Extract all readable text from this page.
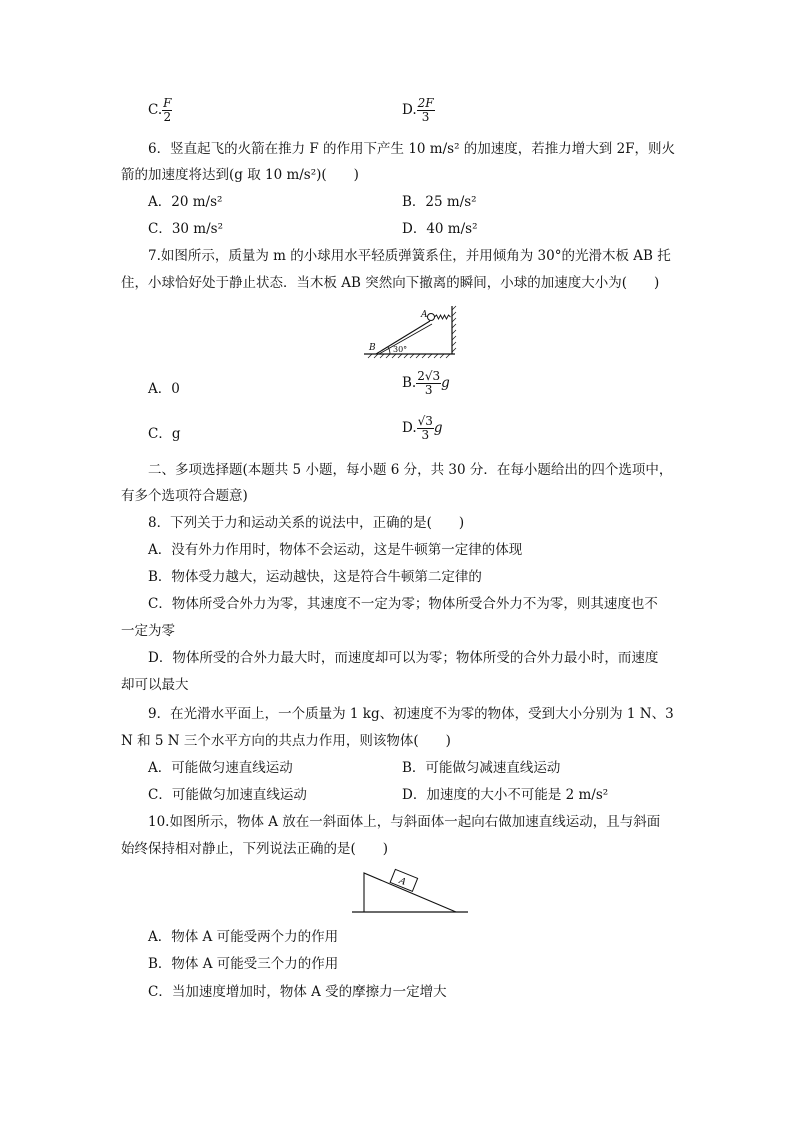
C. $\frac{F}{2}$	D. $\frac{2F}{3}$
6．竖直起飞的火箭在推力 F 的作用下产生 10 m/s² 的加速度，若推力增大到 2F，则火
箭的加速度将达到(g 取 10 m/s²)(　　)
A．20 m/s²	B．25 m/s²
C．30 m/s²	D．40 m/s²
7.如图所示，质量为 m 的小球用水平轻质弹簧系住，并用倾角为 30°的光滑木板 AB 托
住，小球恰好处于静止状态．当木板 AB 突然向下撤离的瞬间，小球的加速度大小为(　　)
30°
B
A
A．0	B. $\frac{2√3}{3}$ g
C．g	D. $\frac{√3}{3}$ g
二、多项选择题(本题共 5 小题，每小题 6 分，共 30 分．在每小题给出的四个选项中，
有多个选项符合题意)
8．下列关于力和运动关系的说法中，正确的是(　　)
A．没有外力作用时，物体不会运动，这是牛顿第一定律的体现
B．物体受力越大，运动越快，这是符合牛顿第二定律的
C．物体所受合外力为零，其速度不一定为零；物体所受合外力不为零，则其速度也不
一定为零
D．物体所受的合外力最大时，而速度却可以为零；物体所受的合外力最小时，而速度
却可以最大
9．在光滑水平面上，一个质量为 1 kg、初速度不为零的物体，受到大小分别为 1 N、3
N 和 5 N 三个水平方向的共点力作用，则该物体(　　)
A．可能做匀速直线运动	B．可能做匀减速直线运动
C．可能做匀加速直线运动	D．加速度的大小不可能是 2 m/s²
10.如图所示，物体 A 放在一斜面体上，与斜面体一起向右做加速直线运动，且与斜面
始终保持相对静止，下列说法正确的是(　　)
A
A．物体 A 可能受两个力的作用
B．物体 A 可能受三个力的作用
C．当加速度增加时，物体 A 受的摩擦力一定增大
